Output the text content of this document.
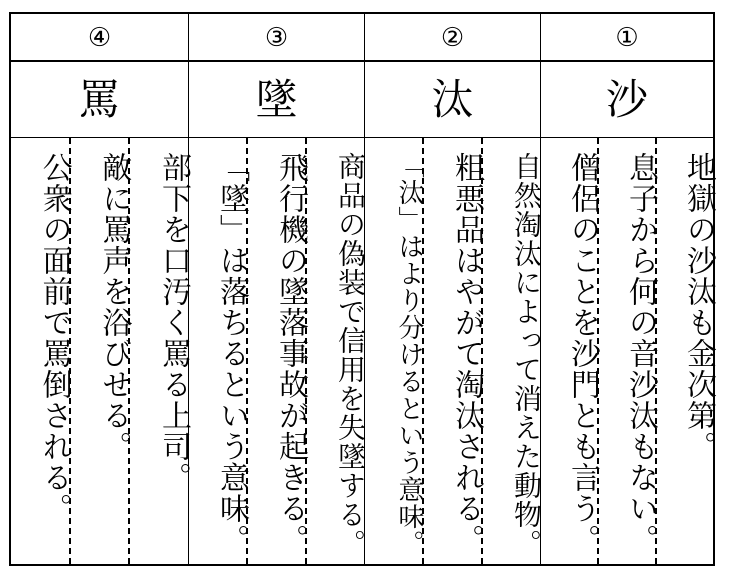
④
罵
部下を口汚く罵る上司。
敵に罵声を浴びせる。
公衆の面前で罵倒される。
③
墜
商品の偽装で信用を失墜する。
飛行機の墜落事故が起きる。
「墜」は落ちるという意味。
②
汰
自然淘汰によって消えた動物。
粗悪品はやがて淘汰される。
「汰」はより分けるという意味。
①
沙
地獄の沙汰も金次第。
息子から何の音沙汰もない。
僧侶のことを沙門とも言う。
